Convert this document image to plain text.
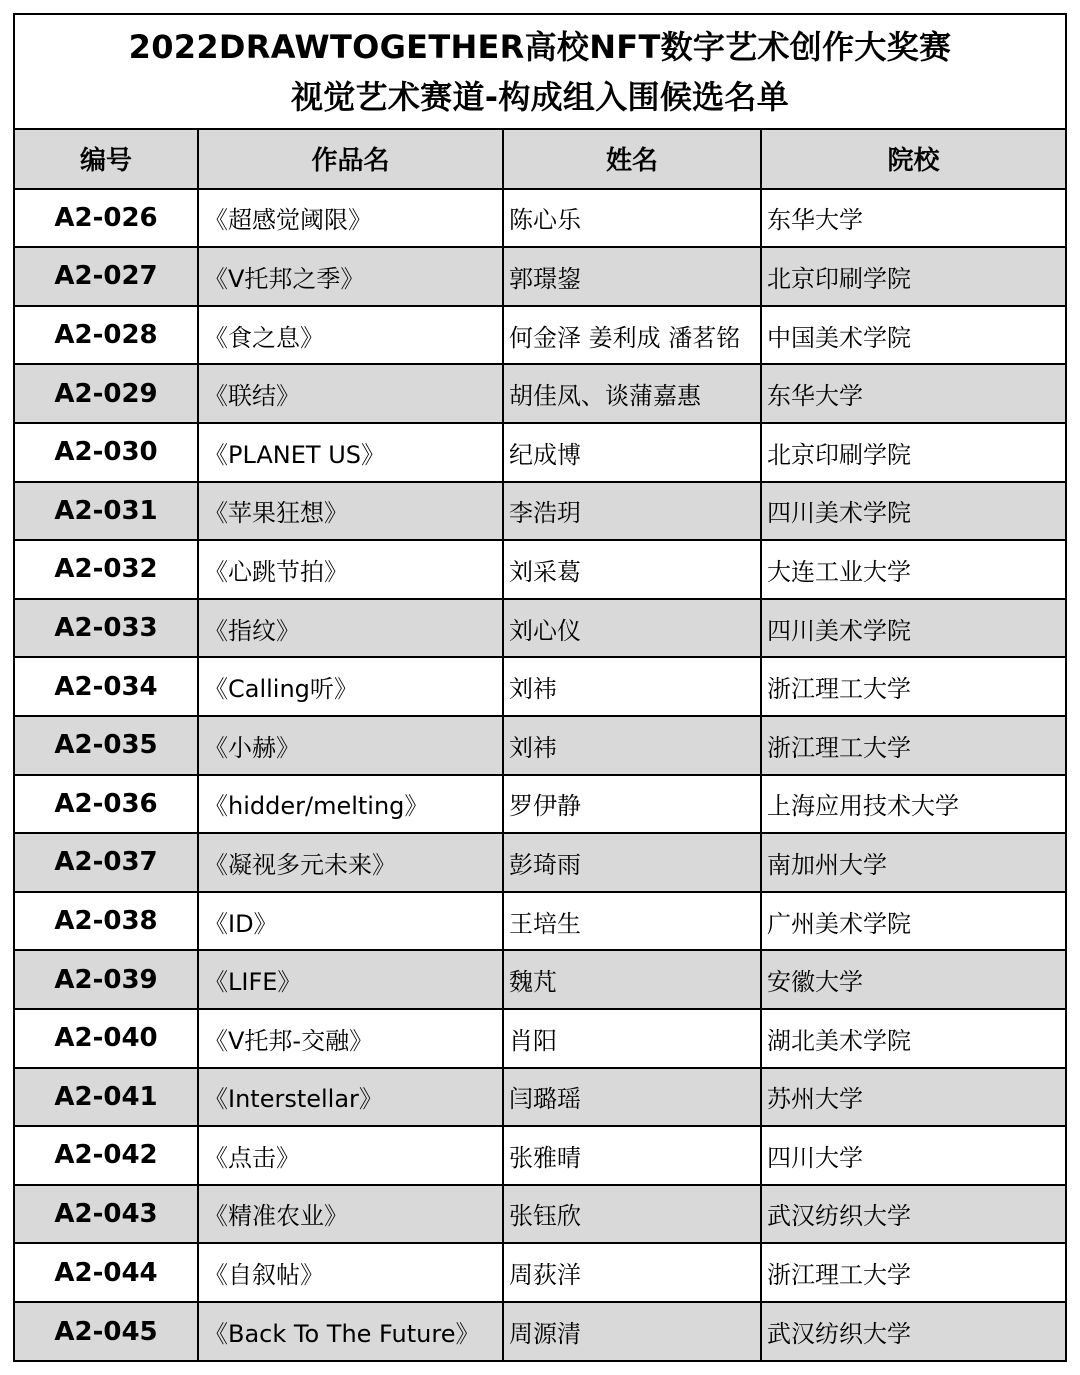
2022DRAWTOGETHER高校NFT数字艺术创作大奖赛
视觉艺术赛道-构成组入围候选名单
编号	作品名	姓名	院校
A2-026	《超感觉阈限》	陈心乐	东华大学
A2-027	《V托邦之季》	郭璟鋆	北京印刷学院
A2-028	《食之息》	何金泽 姜利成 潘茗铭	中国美术学院
A2-029	《联结》	胡佳凤、谈蒲嘉惠	东华大学
A2-030	《PLANET US》	纪成博	北京印刷学院
A2-031	《苹果狂想》	李浩玥	四川美术学院
A2-032	《心跳节拍》	刘采葛	大连工业大学
A2-033	《指纹》	刘心仪	四川美术学院
A2-034	《Calling听》	刘祎	浙江理工大学
A2-035	《小赫》	刘祎	浙江理工大学
A2-036	《hidder/melting》	罗伊静	上海应用技术大学
A2-037	《凝视多元未来》	彭琦雨	南加州大学
A2-038	《ID》	王培生	广州美术学院
A2-039	《LIFE》	魏芃	安徽大学
A2-040	《V托邦-交融》	肖阳	湖北美术学院
A2-041	《Interstellar》	闫璐瑶	苏州大学
A2-042	《点击》	张雅晴	四川大学
A2-043	《精准农业》	张钰欣	武汉纺织大学
A2-044	《自叙帖》	周荻洋	浙江理工大学
A2-045	《Back To The Future》	周源清	武汉纺织大学
